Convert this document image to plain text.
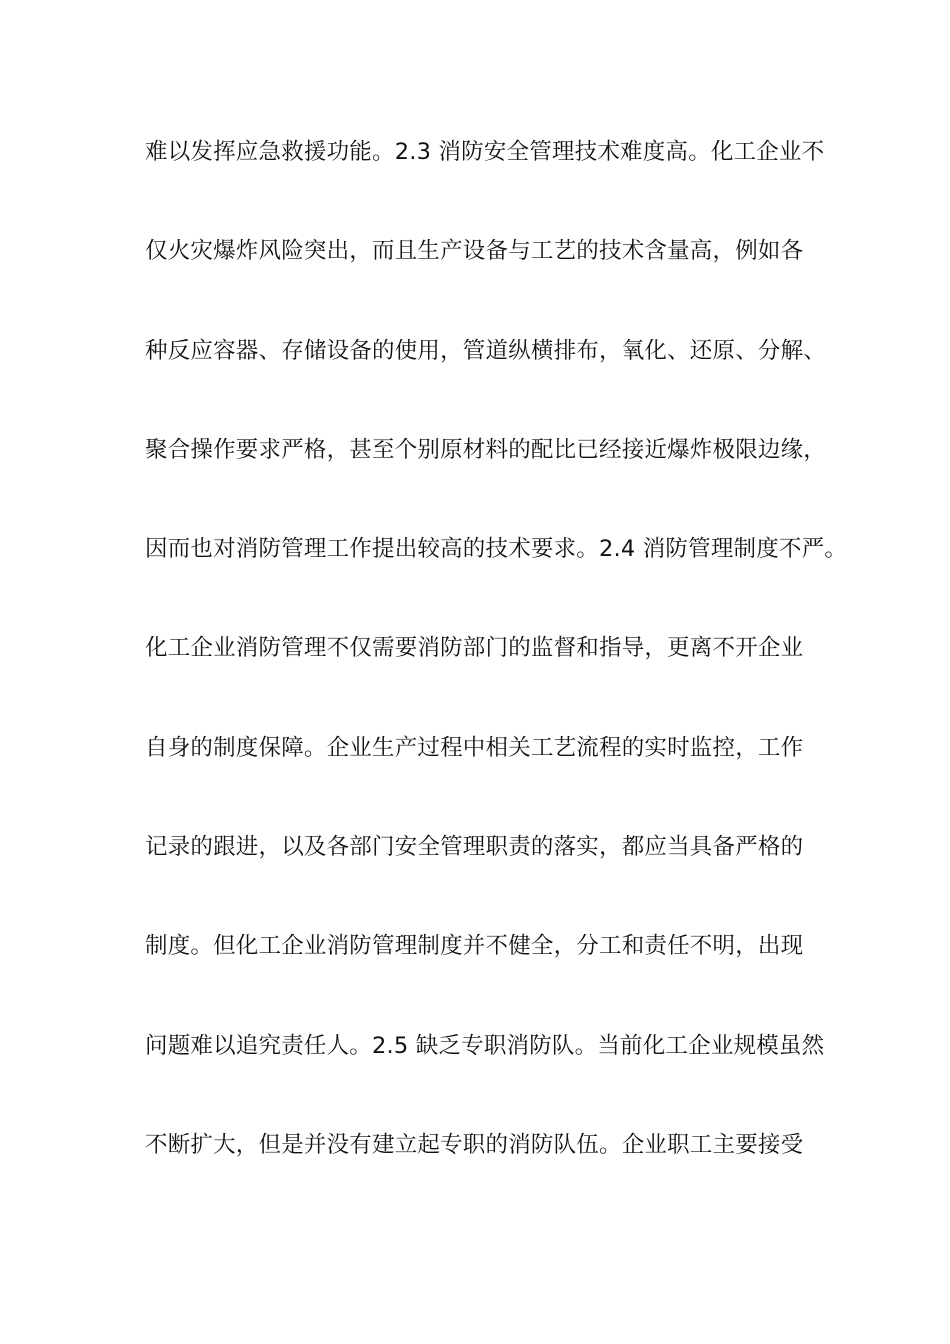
难以发挥应急救援功能。2.3 消防安全管理技术难度高。化工企业不
仅火灾爆炸风险突出，而且生产设备与工艺的技术含量高，例如各
种反应容器、存储设备的使用，管道纵横排布，氧化、还原、分解、
聚合操作要求严格，甚至个别原材料的配比已经接近爆炸极限边缘，
因而也对消防管理工作提出较高的技术要求。2.4 消防管理制度不严。
化工企业消防管理不仅需要消防部门的监督和指导，更离不开企业
自身的制度保障。企业生产过程中相关工艺流程的实时监控，工作
记录的跟进，以及各部门安全管理职责的落实，都应当具备严格的
制度。但化工企业消防管理制度并不健全，分工和责任不明，出现
问题难以追究责任人。2.5 缺乏专职消防队。当前化工企业规模虽然
不断扩大，但是并没有建立起专职的消防队伍。企业职工主要接受
